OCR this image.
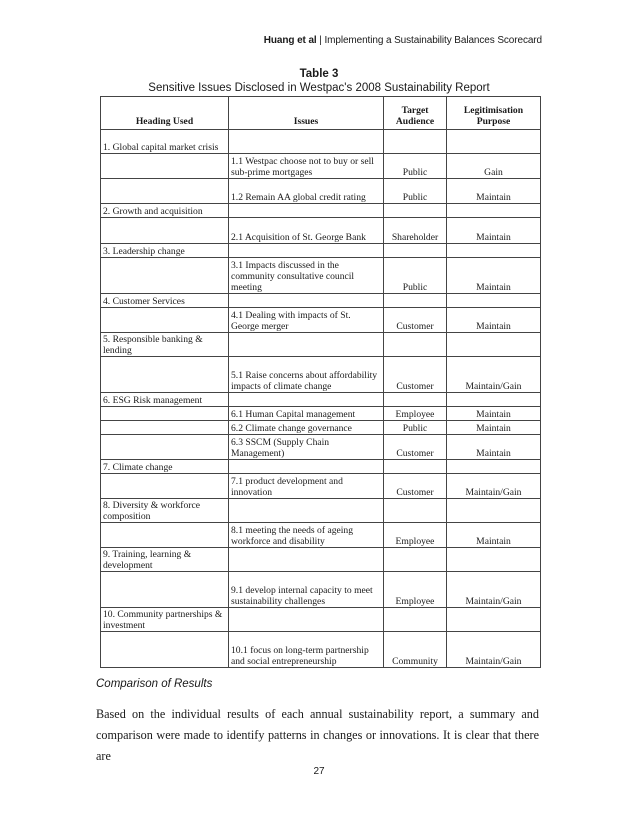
Huang et al | Implementing a Sustainability Balances Scorecard
Table 3
Sensitive Issues Disclosed in Westpac's 2008 Sustainability Report
Heading Used	Issues	Target Audience	Legitimisation Purpose
1. Global capital market crisis			
	1.1 Westpac choose not to buy or sell sub-prime mortgages	Public	Gain
	1.2 Remain AA global credit rating	Public	Maintain
2. Growth and acquisition			
	2.1 Acquisition of St. George Bank	Shareholder	Maintain
3. Leadership change			
	3.1 Impacts discussed in the community consultative council meeting	Public	Maintain
4. Customer Services			
	4.1 Dealing with impacts of St. George merger	Customer	Maintain
5. Responsible banking & lending			
	5.1 Raise concerns about affordability impacts of climate change	Customer	Maintain/Gain
6. ESG Risk management			
	6.1 Human Capital management	Employee	Maintain
	6.2 Climate change governance	Public	Maintain
	6.3 SSCM (Supply Chain Management)	Customer	Maintain
7. Climate change			
	7.1 product development and innovation	Customer	Maintain/Gain
8. Diversity & workforce composition			
	8.1 meeting the needs of ageing workforce and disability	Employee	Maintain
9. Training, learning & development			
	9.1 develop internal capacity to meet sustainability challenges	Employee	Maintain/Gain
10. Community partnerships & investment			
	10.1 focus on long-term partnership and social entrepreneurship	Community	Maintain/Gain
Comparison of Results
Based on the individual results of each annual sustainability report, a summary and comparison were made to identify patterns in changes or innovations. It is clear that there are
27
